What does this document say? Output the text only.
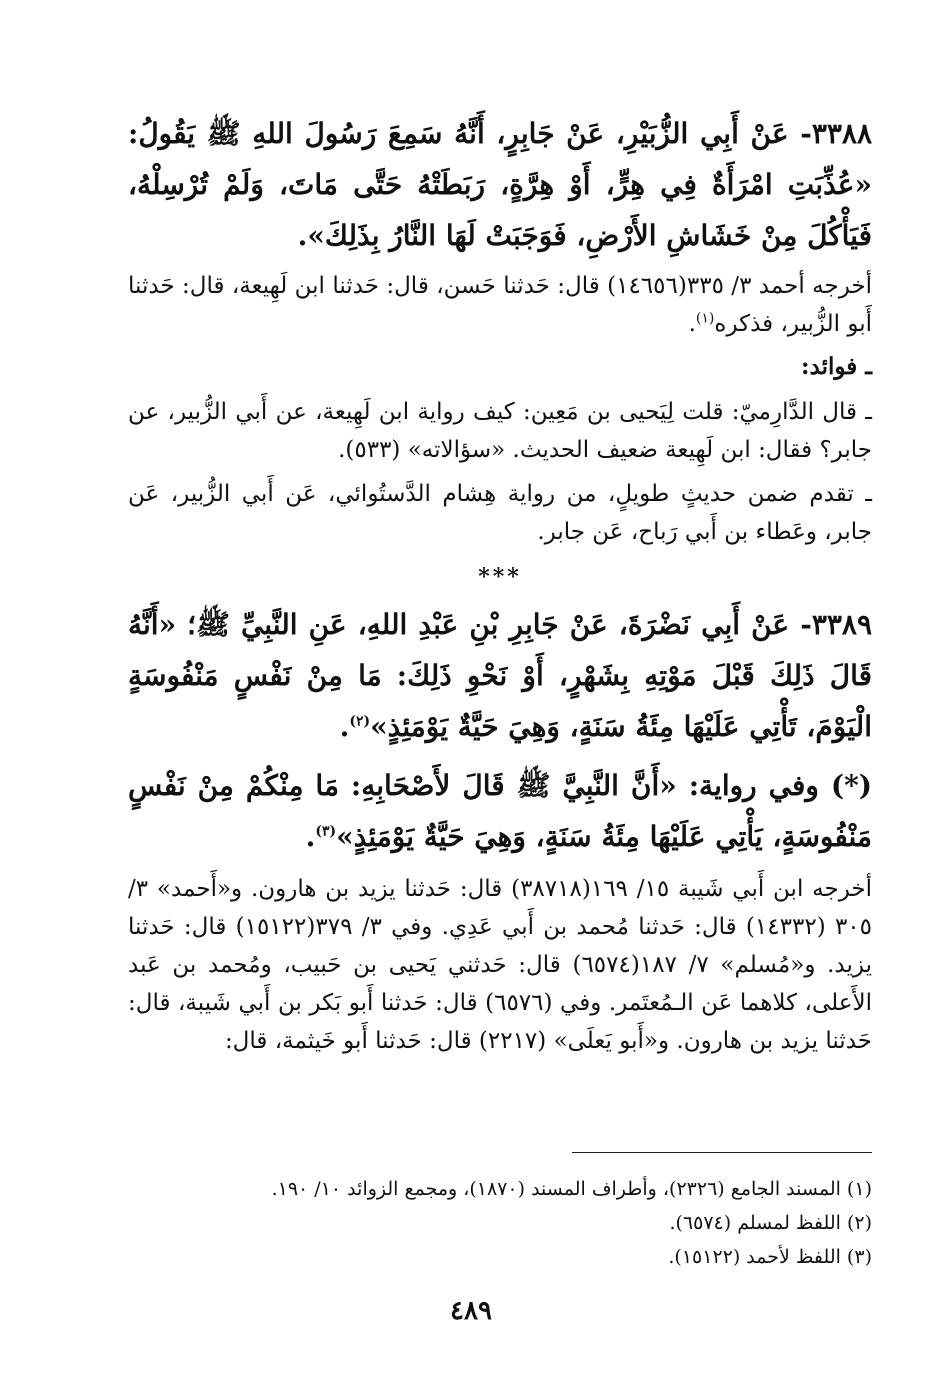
٣٣٨٨- عَنْ أَبِي الزُّبَيْرِ، عَنْ جَابِرٍ، أَنَّهُ سَمِعَ رَسُولَ اللهِ ﷺ يَقُولُ: «عُذِّبَتِ امْرَأَةٌ فِي هِرٍّ، أَوْ هِرَّةٍ، رَبَطَتْهُ حَتَّى مَاتَ، وَلَمْ تُرْسِلْهُ، فَيَأْكُلَ مِنْ خَشَاشِ الأَرْضِ، فَوَجَبَتْ لَهَا النَّارُ بِذَلِكَ».

أخرجه أحمد ٣/ ٣٣٥(١٤٦٥٦) قال: حَدثنا حَسن، قال: حَدثنا ابن لَهِيعة، قال: حَدثنا أَبو الزُّبير، فذكره$^{(١)}$.

ـ فوائد:

ـ قال الدَّارِميّ: قلت لِيَحيى بن مَعِين: كيف رواية ابن لَهِيعة، عن أَبي الزُّبير، عن جابر؟ فقال: ابن لَهِيعة ضعيف الحديث. «سؤالاته» (٥٣٣).

ـ تقدم ضمن حديثٍ طويلٍ، من رواية هِشام الدَّستُوائي، عَن أَبي الزُّبير، عَن جابر، وعَطاء بن أَبي رَباح، عَن جابر.

***

٣٣٨٩- عَنْ أَبِي نَضْرَةَ، عَنْ جَابِرِ بْنِ عَبْدِ اللهِ، عَنِ النَّبِيِّ ﷺ؛ «أَنَّهُ قَالَ ذَلِكَ قَبْلَ مَوْتِهِ بِشَهْرٍ، أَوْ نَحْوِ ذَلِكَ: مَا مِنْ نَفْسٍ مَنْفُوسَةٍ الْيَوْمَ، تَأْتِي عَلَيْهَا مِئَةُ سَنَةٍ، وَهِيَ حَيَّةٌ يَوْمَئِذٍ»$^{(٢)}$.

(*) وفي رواية: «أَنَّ النَّبِيَّ ﷺ قَالَ لأَصْحَابِهِ: مَا مِنْكُمْ مِنْ نَفْسٍ مَنْفُوسَةٍ، يَأْتِي عَلَيْهَا مِئَةُ سَنَةٍ، وَهِيَ حَيَّةٌ يَوْمَئِذٍ»$^{(٣)}$.

أخرجه ابن أَبي شَيبة ١٥/ ١٦٩(٣٨٧١٨) قال: حَدثنا يزيد بن هارون. و«أَحمد» ٣/ ٣٠٥ (١٤٣٣٢) قال: حَدثنا مُحمد بن أَبي عَدِي. وفي ٣/ ٣٧٩(١٥١٢٢) قال: حَدثنا يزيد. و«مُسلم» ٧/ ١٨٧(٦٥٧٤) قال: حَدثني يَحيى بن حَبيب، ومُحمد بن عَبد الأَعلى، كلاهما عَن الـمُعتَمر. وفي (٦٥٧٦) قال: حَدثنا أَبو بَكر بن أَبي شَيبة، قال: حَدثنا يزيد بن هارون. و«أَبو يَعلَى» (٢٢١٧) قال: حَدثنا أَبو خَيثمة، قال:

(١) المسند الجامع (٢٣٢٦)، وأطراف المسند (١٨٧٠)، ومجمع الزوائد ١٠/ ١٩٠.

(٢) اللفظ لمسلم (٦٥٧٤).

(٣) اللفظ لأحمد (١٥١٢٢).

٤٨٩
